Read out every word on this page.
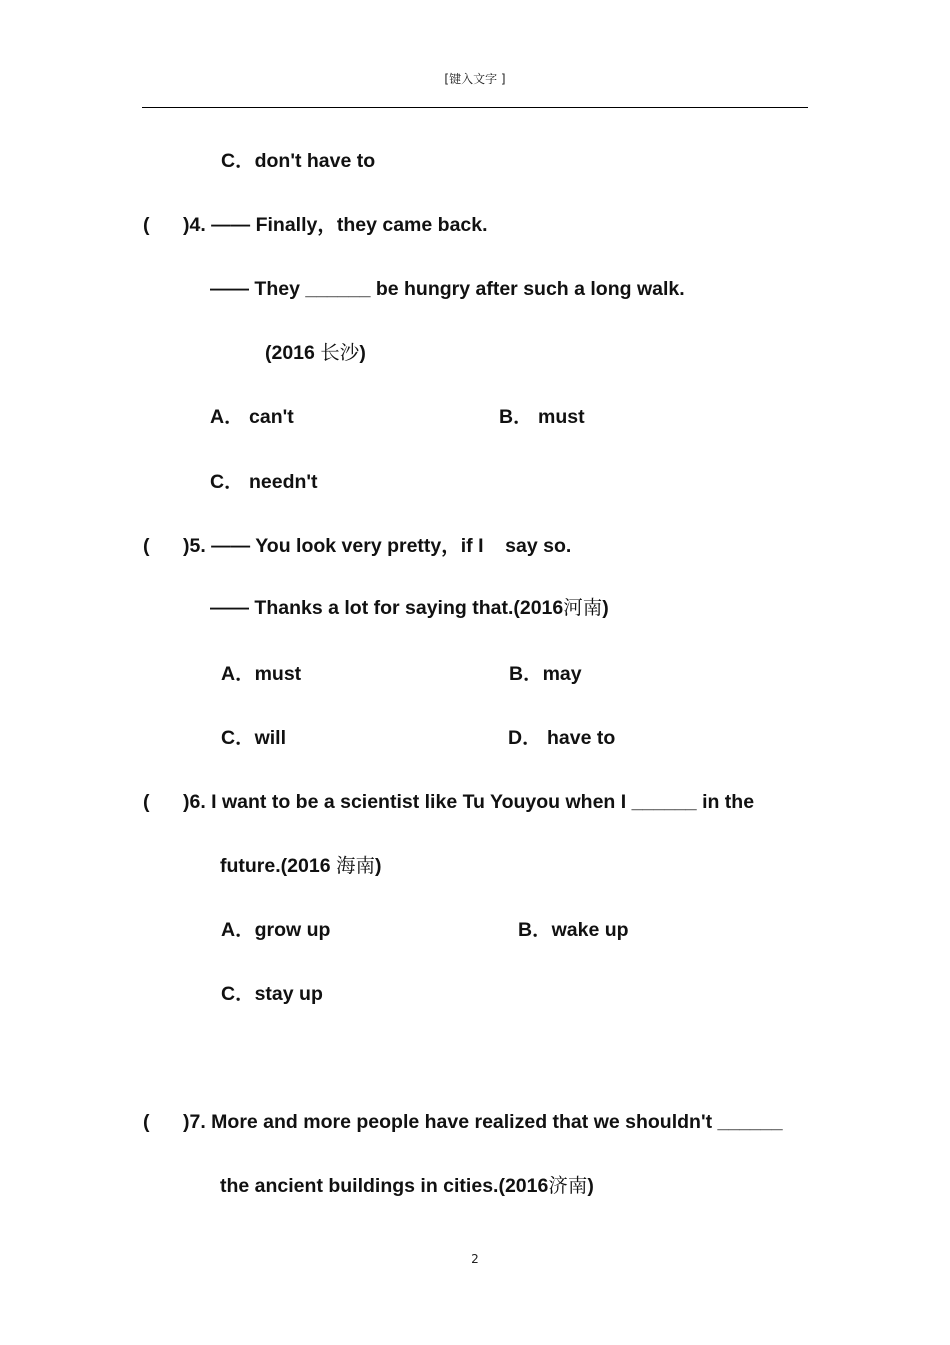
[键入文字 ]
C．don't have to
( )4. —— Finally，they came back.
—— They ______ be hungry after such a long walk.
(2016 长沙)
A． can't	B． must
C． needn't
( )5. —— You look very pretty，if I    say so.
—— Thanks a lot for saying that.(2016河南)
A．must	B．may
C．will	D． have to
( )6. I want to be a scientist like Tu Youyou when I ______ in the
future.(2016 海南)
A．grow up	B．wake up
C．stay up
( )7. More and more people have realized that we shouldn't ______
the ancient buildings in cities.(2016济南)
2
